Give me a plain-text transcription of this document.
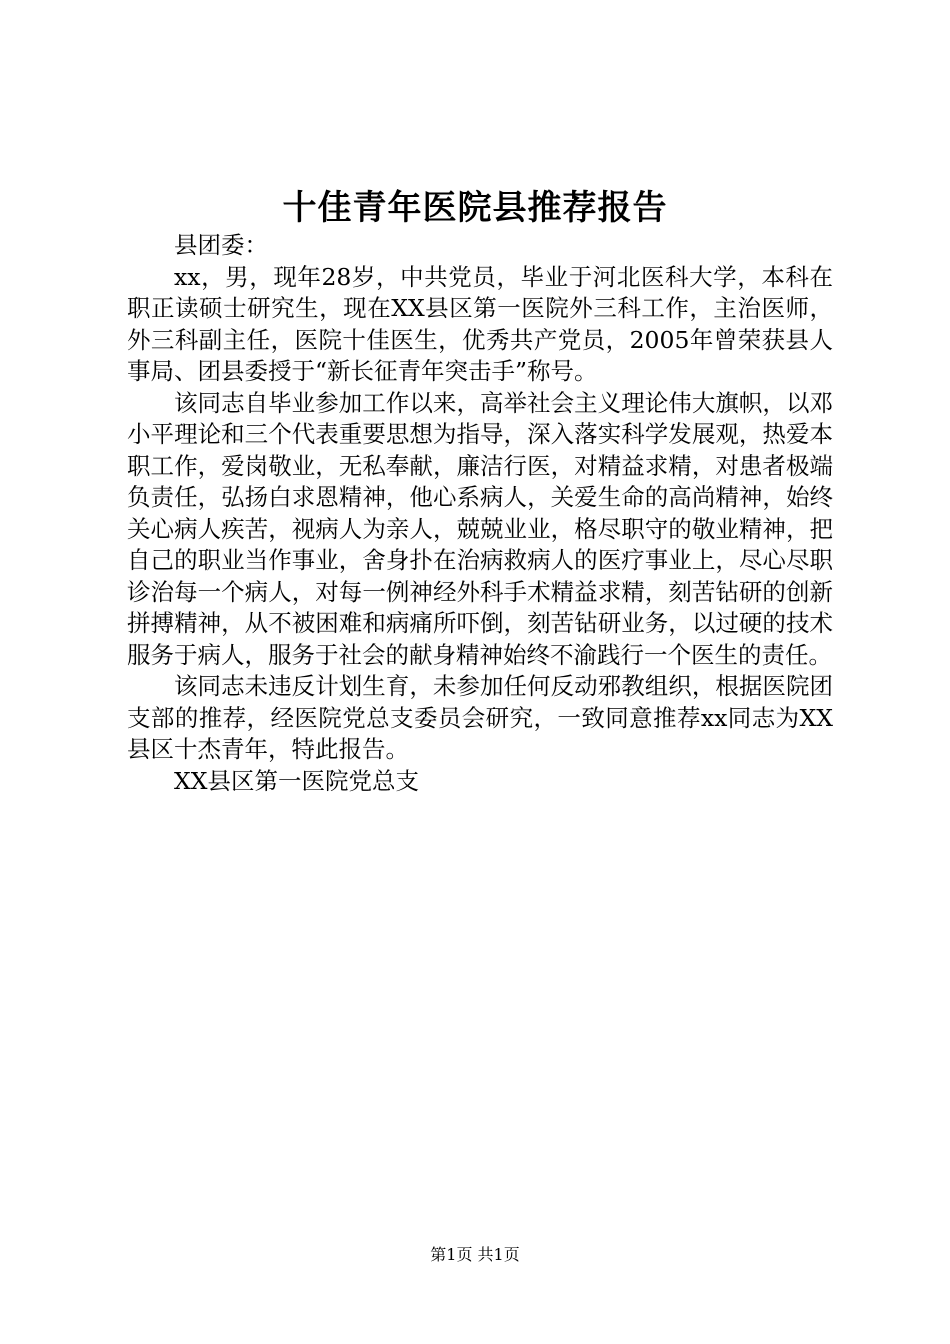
十佳青年医院县推荐报告

县团委：

xx，男，现年28岁，中共党员，毕业于河北医科大学，本科在职正读硕士研究生，现在XX县区第一医院外三科工作，主治医师，外三科副主任，医院十佳医生，优秀共产党员，2005年曾荣获县人事局、团县委授于“新长征青年突击手”称号。

该同志自毕业参加工作以来，高举社会主义理论伟大旗帜，以邓小平理论和三个代表重要思想为指导，深入落实科学发展观，热爱本职工作，爱岗敬业，无私奉献，廉洁行医，对精益求精，对患者极端负责任，弘扬白求恩精神，他心系病人，关爱生命的高尚精神，始终关心病人疾苦，视病人为亲人，兢兢业业，格尽职守的敬业精神，把自己的职业当作事业，舍身扑在治病救病人的医疗事业上，尽心尽职诊治每一个病人，对每一例神经外科手术精益求精，刻苦钻研的创新拼搏精神，从不被困难和病痛所吓倒，刻苦钻研业务，以过硬的技术服务于病人，服务于社会的献身精神始终不渝践行一个医生的责任。

该同志未违反计划生育，未参加任何反动邪教组织，根据医院团支部的推荐，经医院党总支委员会研究，一致同意推荐xx同志为XX县区十杰青年，特此报告。

XX县区第一医院党总支

第1页 共1页
